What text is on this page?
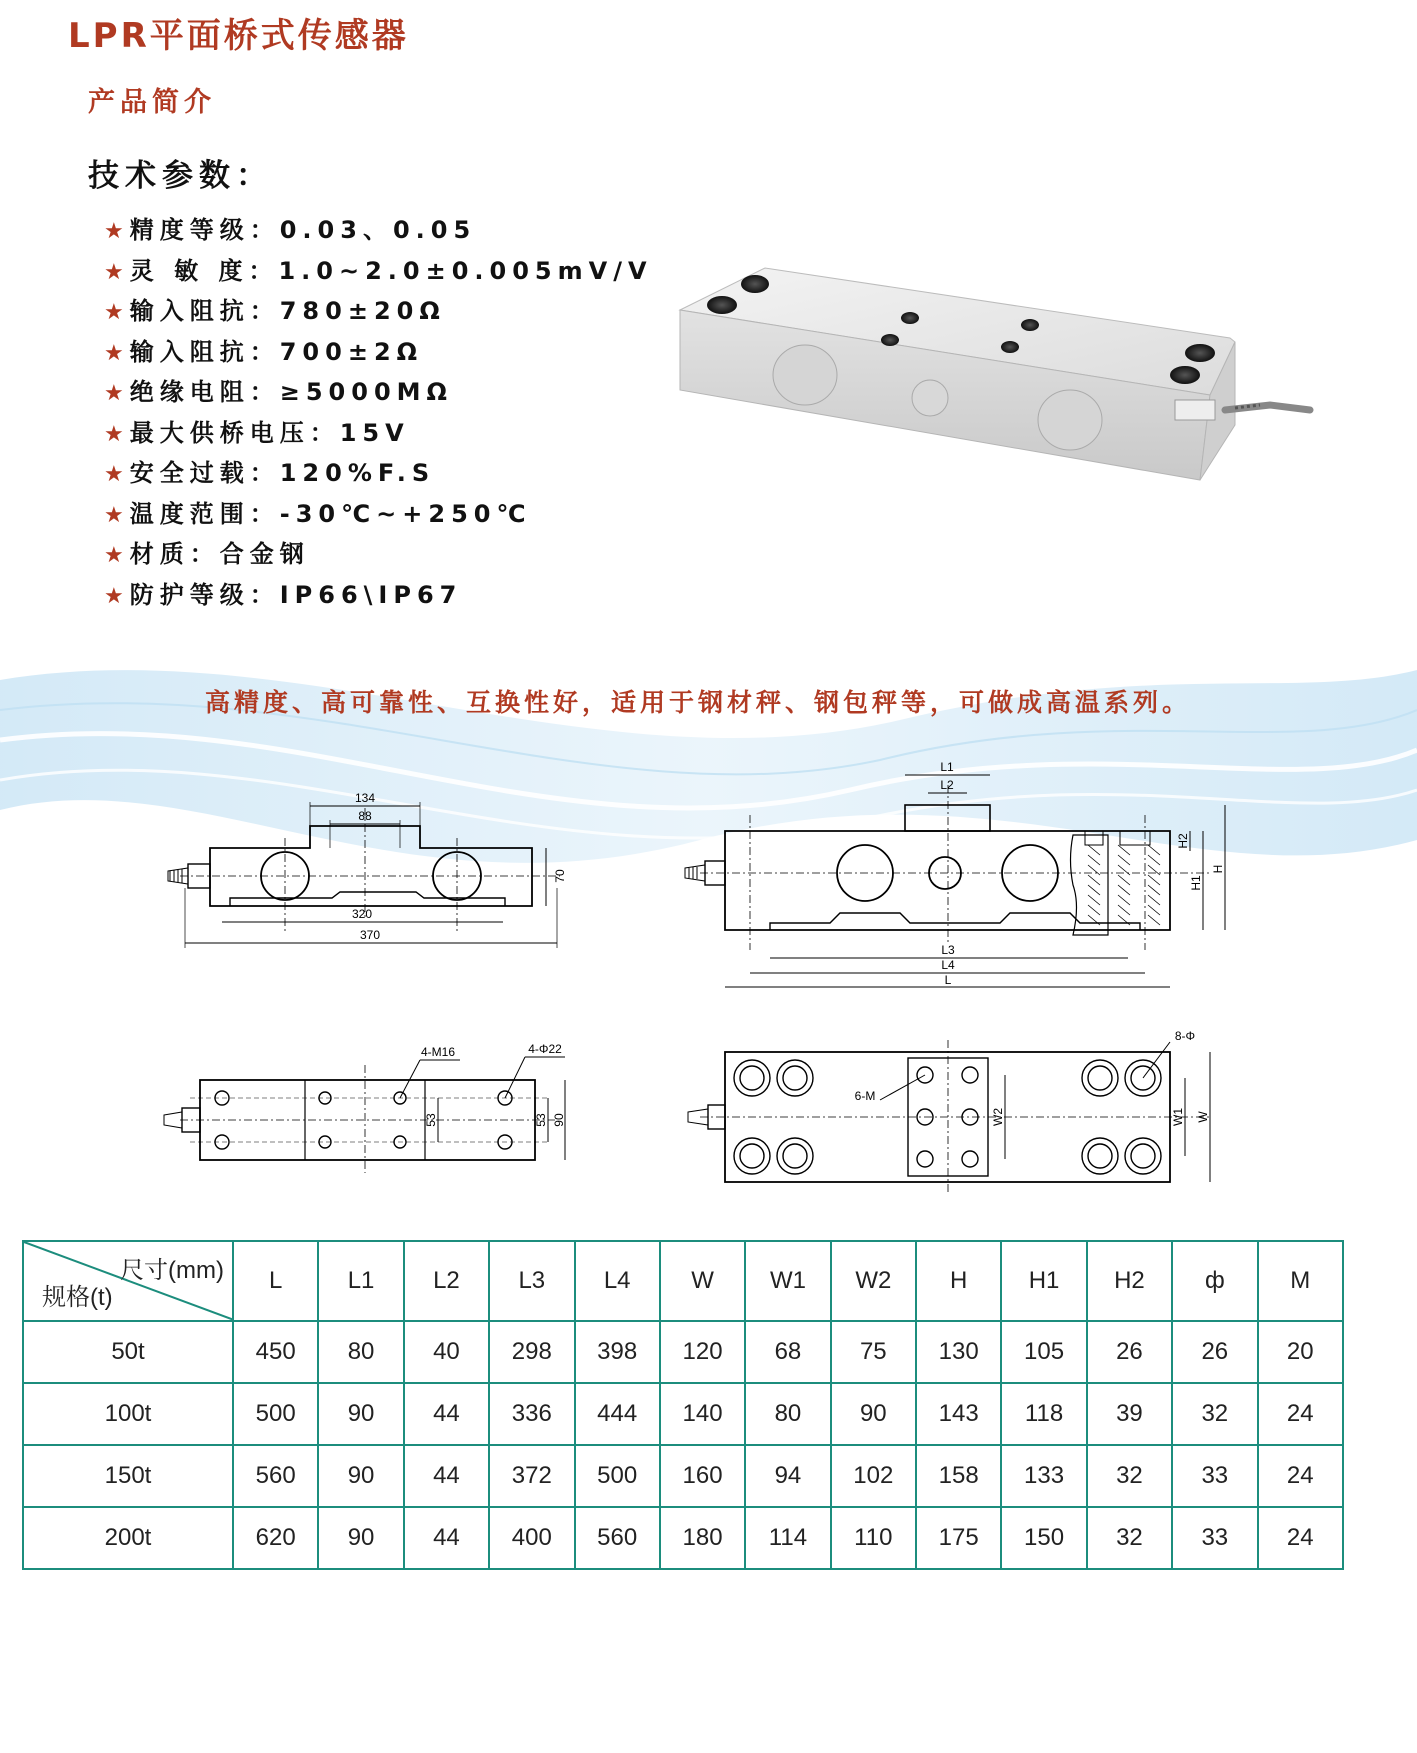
LPR平面桥式传感器
产品简介
技术参数：
★ 精度等级：0.03、0.05
★ 灵 敏 度：1.0~2.0±0.005mV/V
★ 输入阻抗：780±20Ω
★ 输入阻抗：700±2Ω
★ 绝缘电阻：≥5000MΩ
★ 最大供桥电压：15V
★ 安全过载：120%F.S
★ 温度范围：-30℃~+250℃
★ 材质：合金钢
★ 防护等级：IP66\IP67
高精度、高可靠性、互换性好，适用于钢材秤、钢包秤等，可做成高温系列。
134
88
320
370
70
L1
L2
L3
L4
L
H2
H1
H
4-M16	4-Φ22
53	53 90
6-M
8-Φ
W2	W1 W
尺寸(mm)
规格(t)	L	L1	L2	L3	L4	W	W1	W2	H	H1	H2	ф	M
50t	450	80	40	298	398	120	68	75	130	105	26	26	20
100t	500	90	44	336	444	140	80	90	143	118	39	32	24
150t	560	90	44	372	500	160	94	102	158	133	32	33	24
200t	620	90	44	400	560	180	114	110	175	150	32	33	24
